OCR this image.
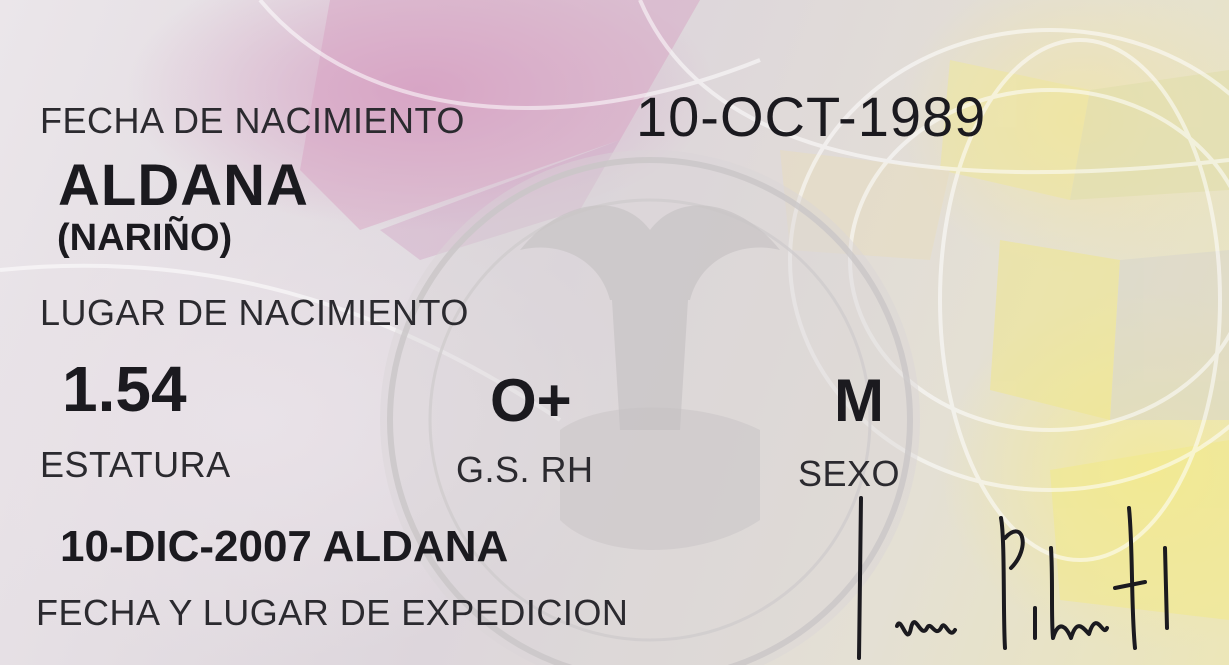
FECHA DE NACIMIENTO	10-OCT-1989
ALDANA
(NARIÑO)
LUGAR DE NACIMIENTO
1.54	O+	M
ESTATURA	G.S. RH	SEXO
10-DIC-2007 ALDANA
FECHA Y LUGAR DE EXPEDICION
